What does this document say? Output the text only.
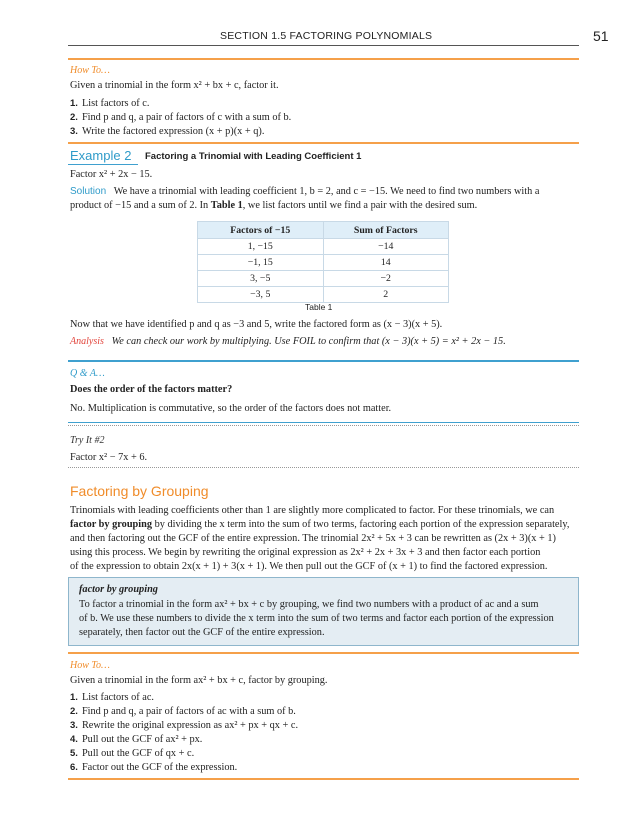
SECTION 1.5 FACTORING POLYNOMIALS	51
How To…
Given a trinomial in the form x² + bx + c, factor it.
1. List factors of c.
2. Find p and q, a pair of factors of c with a sum of b.
3. Write the factored expression (x + p)(x + q).
Example 2 Factoring a Trinomial with Leading Coefficient 1
Factor x² + 2x − 15.
Solution We have a trinomial with leading coefficient 1, b = 2, and c = −15. We need to find two numbers with a
product of −15 and a sum of 2. In Table 1, we list factors until we find a pair with the desired sum.
Factors of −15	Sum of Factors
1, −15	−14
−1, 15	14
3, −5	−2
−3, 5	2
Table 1
Now that we have identified p and q as −3 and 5, write the factored form as (x − 3)(x + 5).
Analysis We can check our work by multiplying. Use FOIL to confirm that (x − 3)(x + 5) = x² + 2x − 15.
Q & A…
Does the order of the factors matter?
No. Multiplication is commutative, so the order of the factors does not matter.
Try It #2
Factor x² − 7x + 6.
Factoring by Grouping
Trinomials with leading coefficients other than 1 are slightly more complicated to factor. For these trinomials, we can
factor by grouping by dividing the x term into the sum of two terms, factoring each portion of the expression separately,
and then factoring out the GCF of the entire expression. The trinomial 2x² + 5x + 3 can be rewritten as (2x + 3)(x + 1)
using this process. We begin by rewriting the original expression as 2x² + 2x + 3x + 3 and then factor each portion
of the expression to obtain 2x(x + 1) + 3(x + 1). We then pull out the GCF of (x + 1) to find the factored expression.
factor by grouping
To factor a trinomial in the form ax² + bx + c by grouping, we find two numbers with a product of ac and a sum
of b. We use these numbers to divide the x term into the sum of two terms and factor each portion of the expression
separately, then factor out the GCF of the entire expression.
How To…
Given a trinomial in the form ax² + bx + c, factor by grouping.
1. List factors of ac.
2. Find p and q, a pair of factors of ac with a sum of b.
3. Rewrite the original expression as ax² + px + qx + c.
4. Pull out the GCF of ax² + px.
5. Pull out the GCF of qx + c.
6. Factor out the GCF of the expression.
